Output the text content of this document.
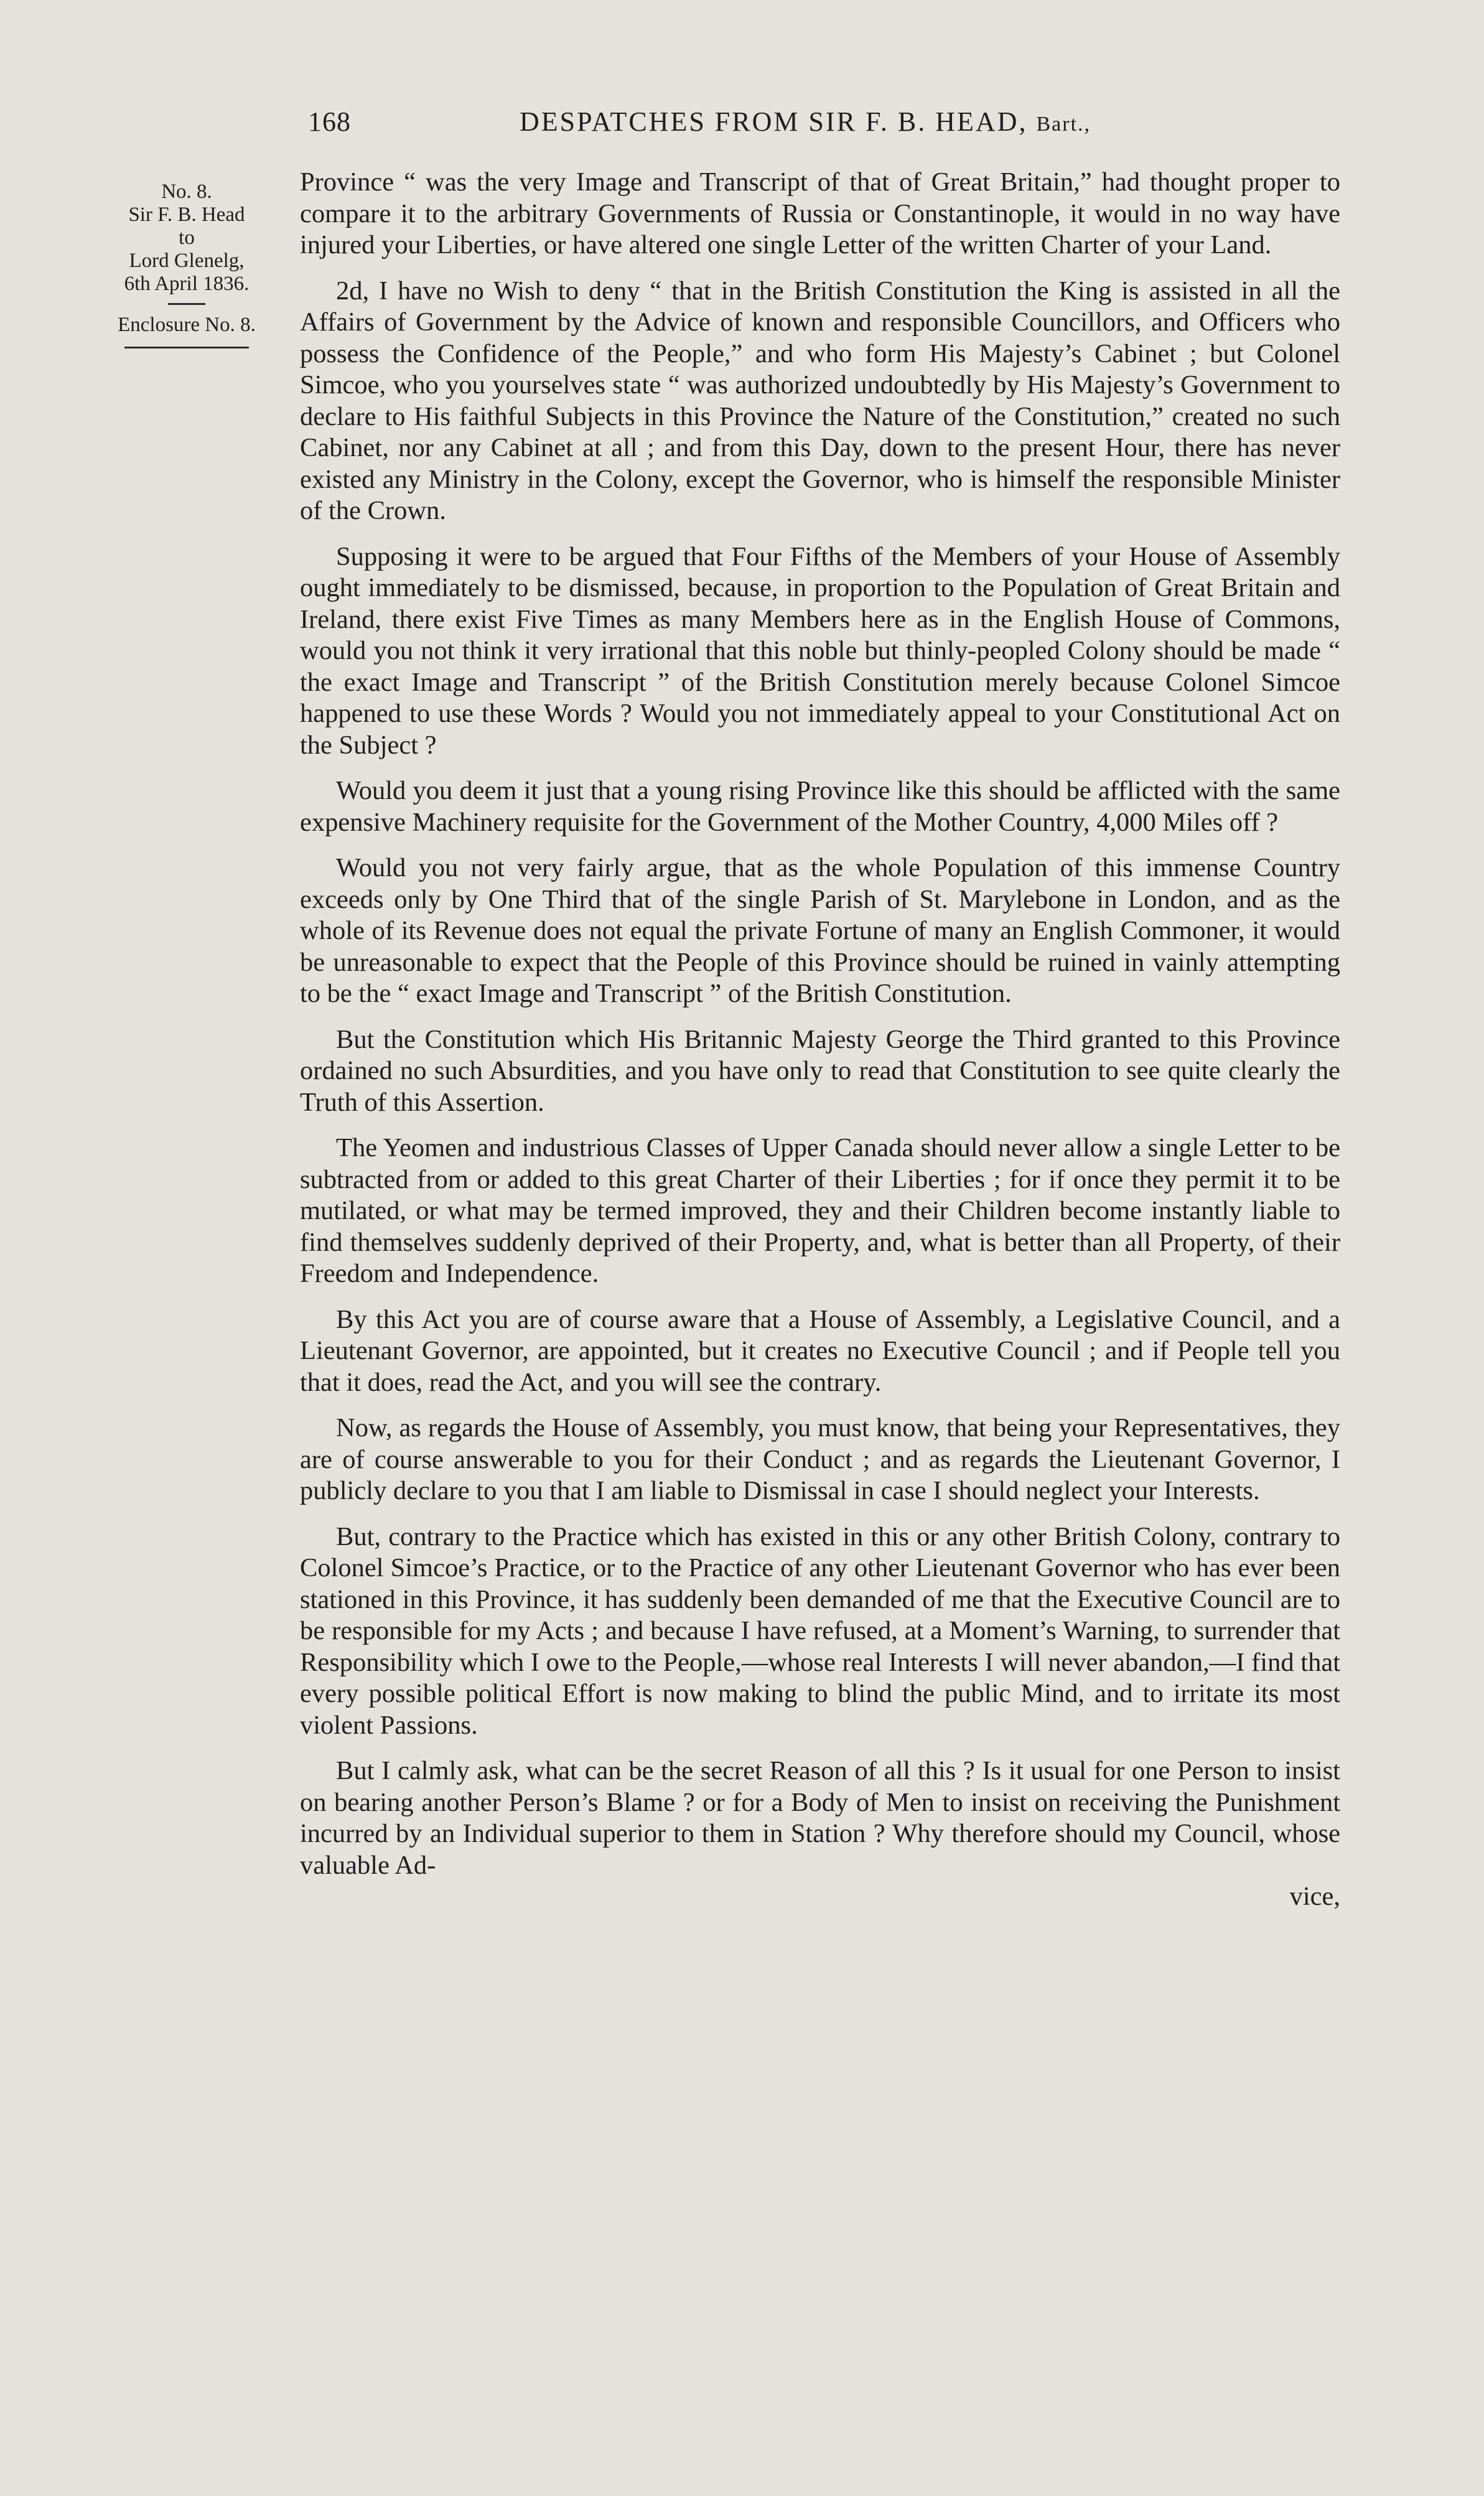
168	DESPATCHES FROM SIR F. B. HEAD, Bart.,
No. 8.
Sir F. B. Head
to
Lord Glenelg,
6th April 1836.
Enclosure No. 8.

Province “ was the very Image and Transcript of that of Great Britain,” had thought proper to compare it to the arbitrary Governments of Russia or Constantinople, it would in no way have injured your Liberties, or have altered one single Letter of the written Charter of your Land.

2d, I have no Wish to deny “ that in the British Constitution the King is assisted in all the Affairs of Government by the Advice of known and responsible Councillors, and Officers who possess the Confidence of the People,” and who form His Majesty’s Cabinet ; but Colonel Simcoe, who you yourselves state “ was authorized undoubtedly by His Majesty’s Government to declare to His faithful Subjects in this Province the Nature of the Constitution,” created no such Cabinet, nor any Cabinet at all ; and from this Day, down to the present Hour, there has never existed any Ministry in the Colony, except the Governor, who is himself the responsible Minister of the Crown.

Supposing it were to be argued that Four Fifths of the Members of your House of Assembly ought immediately to be dismissed, because, in proportion to the Population of Great Britain and Ireland, there exist Five Times as many Members here as in the English House of Commons, would you not think it very irrational that this noble but thinly-peopled Colony should be made “ the exact Image and Transcript ” of the British Constitution merely because Colonel Simcoe happened to use these Words ? Would you not immediately appeal to your Constitutional Act on the Subject ?

Would you deem it just that a young rising Province like this should be afflicted with the same expensive Machinery requisite for the Government of the Mother Country, 4,000 Miles off ?

Would you not very fairly argue, that as the whole Population of this immense Country exceeds only by One Third that of the single Parish of St. Marylebone in London, and as the whole of its Revenue does not equal the private Fortune of many an English Commoner, it would be unreasonable to expect that the People of this Province should be ruined in vainly attempting to be the “ exact Image and Transcript ” of the British Constitution.

But the Constitution which His Britannic Majesty George the Third granted to this Province ordained no such Absurdities, and you have only to read that Constitution to see quite clearly the Truth of this Assertion.

The Yeomen and industrious Classes of Upper Canada should never allow a single Letter to be subtracted from or added to this great Charter of their Liberties ; for if once they permit it to be mutilated, or what may be termed improved, they and their Children become instantly liable to find themselves suddenly deprived of their Property, and, what is better than all Property, of their Freedom and Independence.

By this Act you are of course aware that a House of Assembly, a Legislative Council, and a Lieutenant Governor, are appointed, but it creates no Executive Council ; and if People tell you that it does, read the Act, and you will see the contrary.

Now, as regards the House of Assembly, you must know, that being your Representatives, they are of course answerable to you for their Conduct ; and as regards the Lieutenant Governor, I publicly declare to you that I am liable to Dismissal in case I should neglect your Interests.

But, contrary to the Practice which has existed in this or any other British Colony, contrary to Colonel Simcoe’s Practice, or to the Practice of any other Lieutenant Governor who has ever been stationed in this Province, it has suddenly been demanded of me that the Executive Council are to be responsible for my Acts ; and because I have refused, at a Moment’s Warning, to surrender that Responsibility which I owe to the People,—whose real Interests I will never abandon,—I find that every possible political Effort is now making to blind the public Mind, and to irritate its most violent Passions.

But I calmly ask, what can be the secret Reason of all this ? Is it usual for one Person to insist on bearing another Person’s Blame ? or for a Body of Men to insist on receiving the Punishment incurred by an Individual superior to them in Station ? Why therefore should my Council, whose valuable Ad-

vice,
